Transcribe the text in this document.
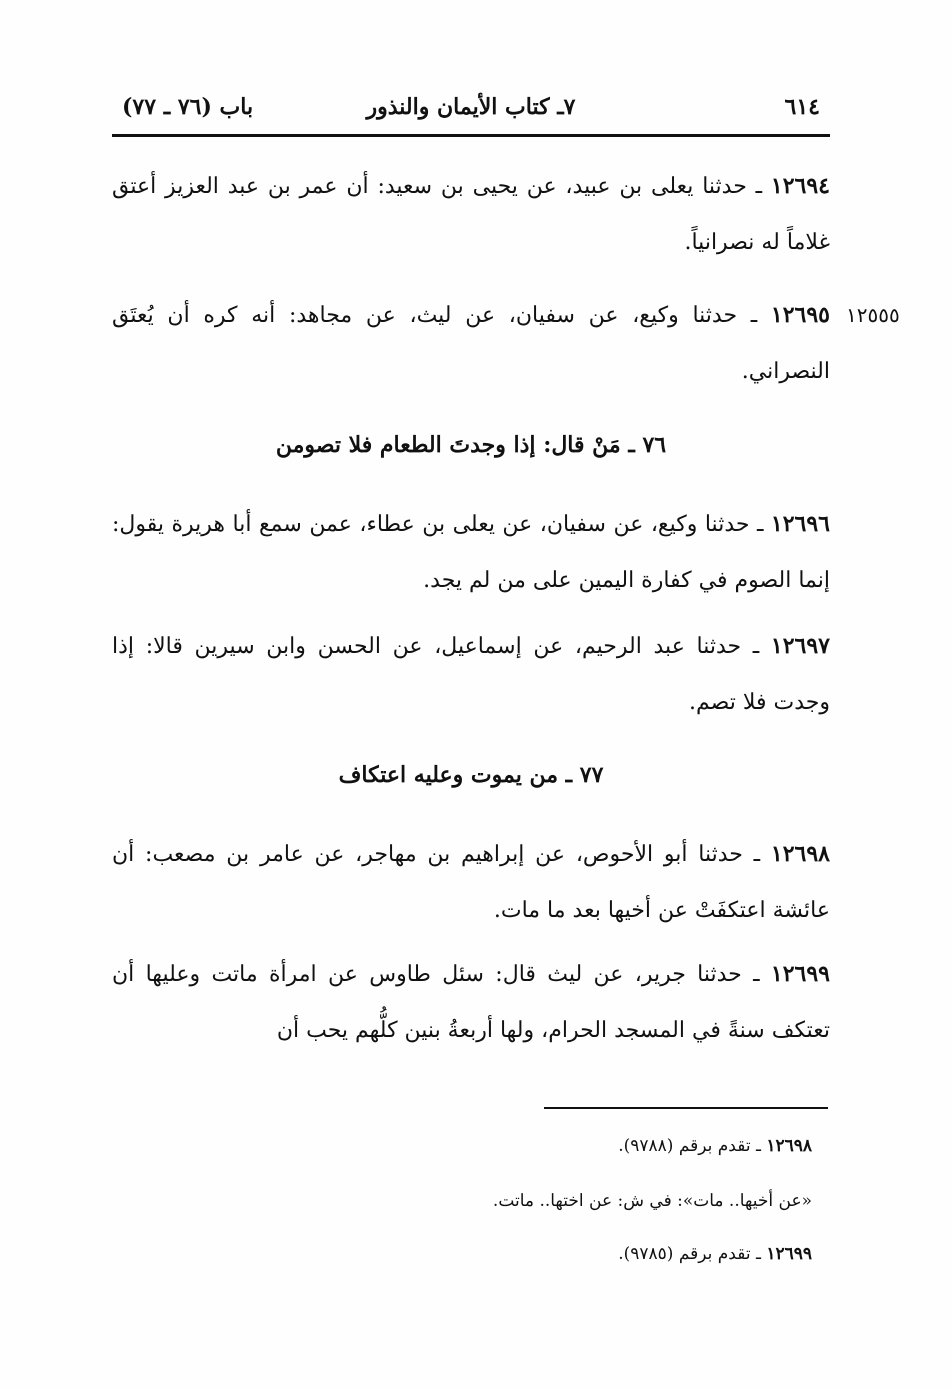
٦١٤
٧ـ كتاب الأيمان والنذور
باب (٧٦ ـ ٧٧)
١٢٦٩٤ ـ حدثنا يعلى بن عبيد، عن يحيى بن سعيد: أن عمر بن عبد العزيز أعتق غلاماً له نصرانياً.
١٢٥٥٥
١٢٦٩٥ ـ حدثنا وكيع، عن سفيان، عن ليث، عن مجاهد: أنه كره أن يُعتَق النصراني.
٧٦ ـ مَنْ قال: إذا وجدتَ الطعام فلا تصومن
١٢٦٩٦ ـ حدثنا وكيع، عن سفيان، عن يعلى بن عطاء، عمن سمع أبا هريرة يقول: إنما الصوم في كفارة اليمين على من لم يجد.
١٢٦٩٧ ـ حدثنا عبد الرحيم، عن إسماعيل، عن الحسن وابن سيرين قالا: إذا وجدت فلا تصم.
٧٧ ـ من يموت وعليه اعتكاف
١٢٦٩٨ ـ حدثنا أبو الأحوص، عن إبراهيم بن مهاجر، عن عامر بن مصعب: أن عائشة اعتكفَتْ عن أخيها بعد ما مات.
١٢٦٩٩ ـ حدثنا جرير، عن ليث قال: سئل طاوس عن امرأة ماتت وعليها أن تعتكف سنةً في المسجد الحرام، ولها أربعةُ بنين كلُّهم يحب أن
١٢٦٩٨ ـ تقدم برقم (٩٧٨٨).
«عن أخيها.. مات»: في ش: عن اختها.. ماتت.
١٢٦٩٩ ـ تقدم برقم (٩٧٨٥).
